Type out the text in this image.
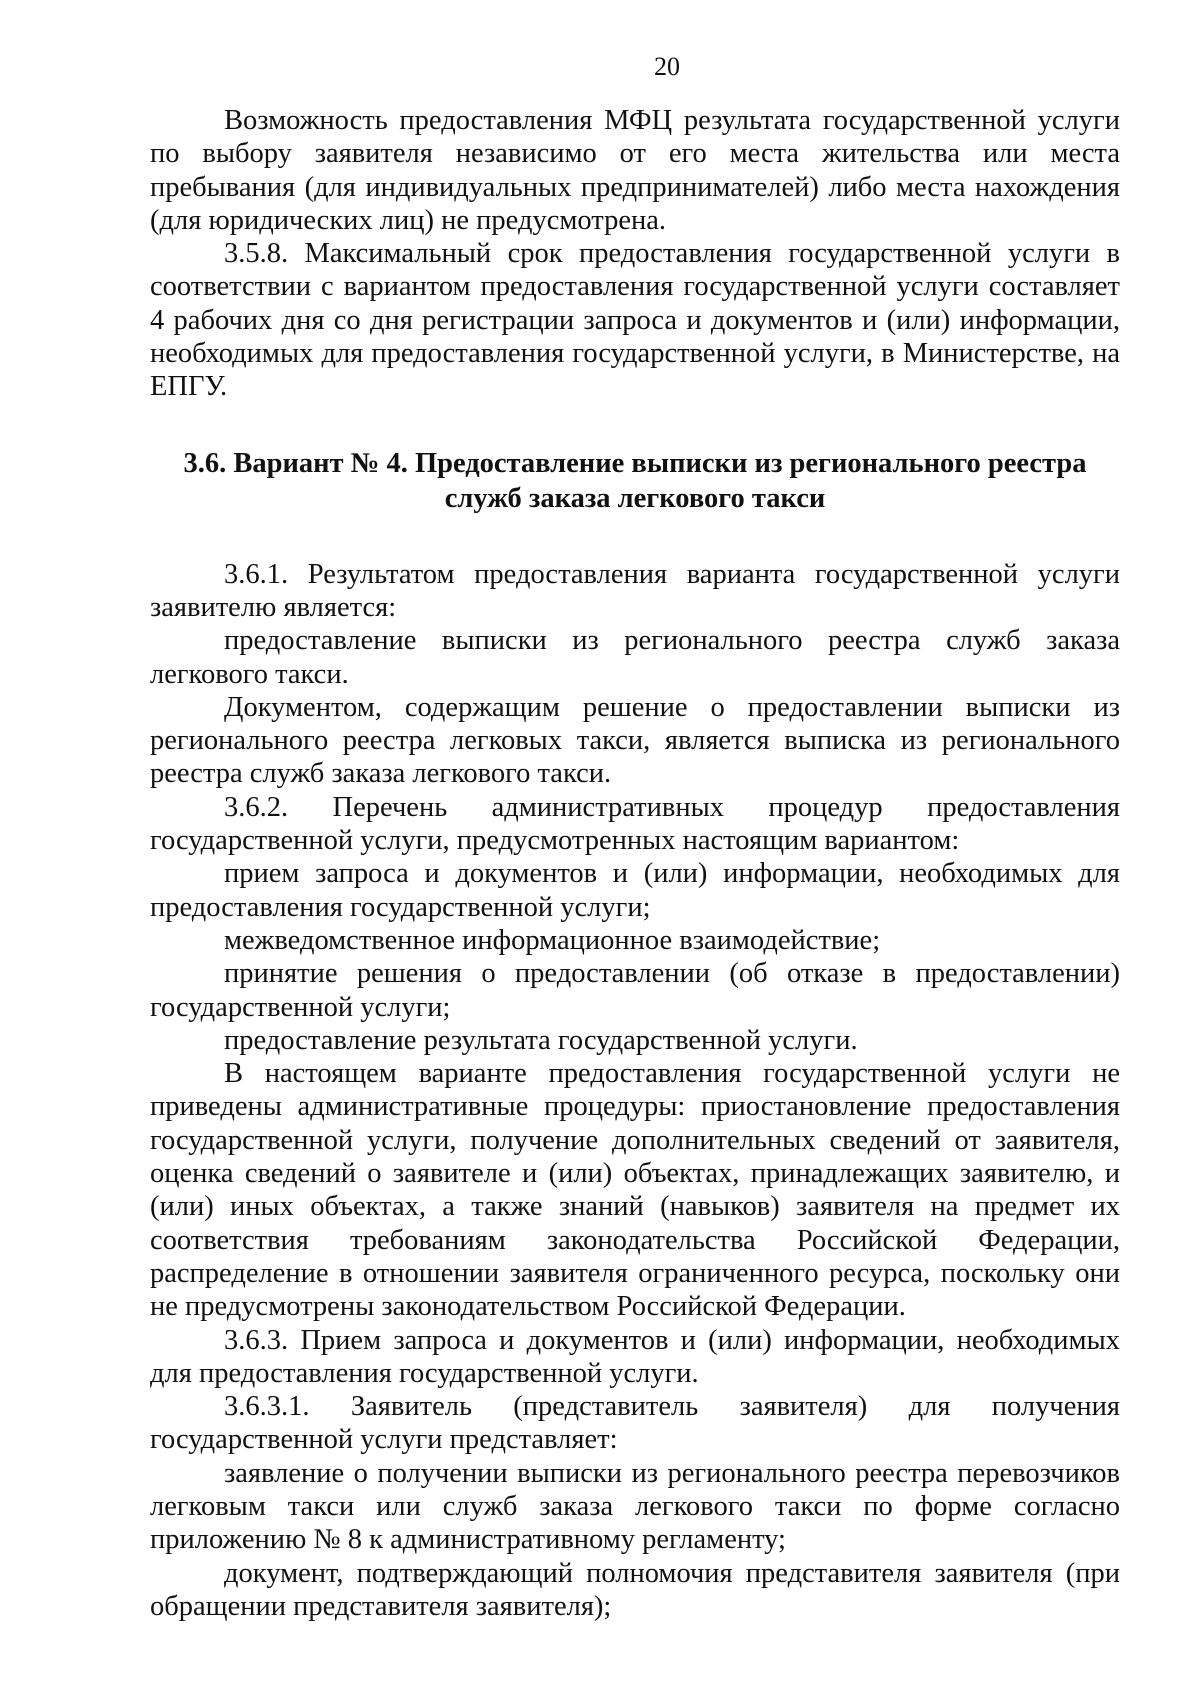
20

Возможность предоставления МФЦ результата государственной услуги по выбору заявителя независимо от его места жительства или места пребывания (для индивидуальных предпринимателей) либо места нахождения (для юридических лиц) не предусмотрена.

3.5.8. Максимальный срок предоставления государственной услуги в соответствии с вариантом предоставления государственной услуги составляет 4 рабочих дня со дня регистрации запроса и документов и (или) информации, необходимых для предоставления государственной услуги, в Министерстве, на ЕПГУ.

3.6. Вариант № 4. Предоставление выписки из регионального реестра
служб заказа легкового такси

3.6.1. Результатом предоставления варианта государственной услуги заявителю является:

предоставление выписки из регионального реестра служб заказа легкового такси.

Документом, содержащим решение о предоставлении выписки из регионального реестра легковых такси, является выписка из регионального реестра служб заказа легкового такси.

3.6.2. Перечень административных процедур предоставления государственной услуги, предусмотренных настоящим вариантом:

прием запроса и документов и (или) информации, необходимых для предоставления государственной услуги;

межведомственное информационное взаимодействие;

принятие решения о предоставлении (об отказе в предоставлении) государственной услуги;

предоставление результата государственной услуги.

В настоящем варианте предоставления государственной услуги не приведены административные процедуры: приостановление предоставления государственной услуги, получение дополнительных сведений от заявителя, оценка сведений о заявителе и (или) объектах, принадлежащих заявителю, и (или) иных объектах, а также знаний (навыков) заявителя на предмет их соответствия требованиям законодательства Российской Федерации, распределение в отношении заявителя ограниченного ресурса, поскольку они не предусмотрены законодательством Российской Федерации.

3.6.3. Прием запроса и документов и (или) информации, необходимых для предоставления государственной услуги.

3.6.3.1. Заявитель (представитель заявителя) для получения государственной услуги представляет:

заявление о получении выписки из регионального реестра перевозчиков легковым такси или служб заказа легкового такси по форме согласно приложению № 8 к административному регламенту;

документ, подтверждающий полномочия представителя заявителя (при обращении представителя заявителя);
